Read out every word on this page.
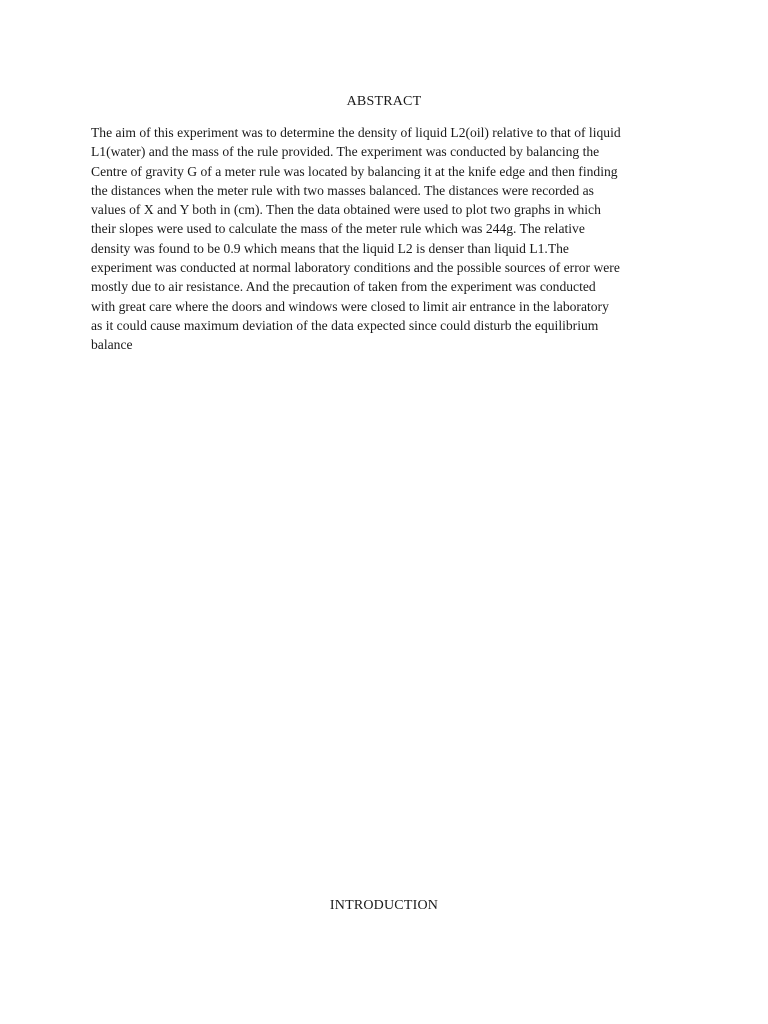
ABSTRACT

The aim of this experiment was to determine the density of liquid L2(oil) relative to that of liquid
L1(water) and the mass of the rule provided. The experiment was conducted by balancing the
Centre of gravity G of a meter rule was located by balancing it at the knife edge and then finding
the distances when the meter rule with two masses balanced. The distances were recorded as
values of X and Y both in (cm). Then the data obtained were used to plot two graphs in which
their slopes were used to calculate the mass of the meter rule which was 244g. The relative
density was found to be 0.9 which means that the liquid L2 is denser than liquid L1.The
experiment was conducted at normal laboratory conditions and the possible sources of error were
mostly due to air resistance. And the precaution of taken from the experiment was conducted
with great care where the doors and windows were closed to limit air entrance in the laboratory
as it could cause maximum deviation of the data expected since could disturb the equilibrium
balance

INTRODUCTION
